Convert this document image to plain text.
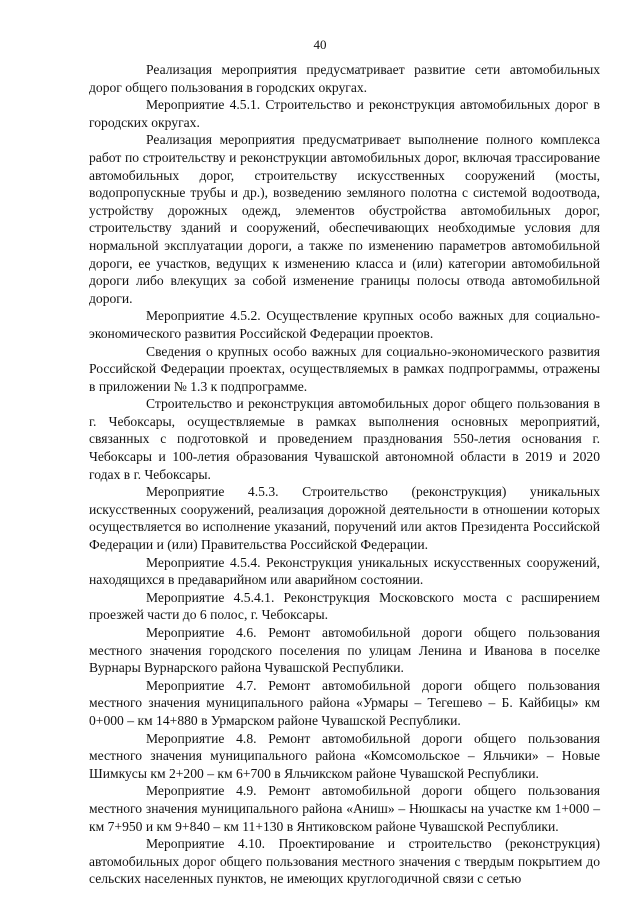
40

Реализация мероприятия предусматривает развитие сети автомобильных дорог общего пользования в городских округах.

Мероприятие 4.5.1. Строительство и реконструкция автомобильных дорог в городских округах.

Реализация мероприятия предусматривает выполнение полного комплекса работ по строительству и реконструкции автомобильных дорог, включая трассирование автомобильных дорог, строительству искусственных сооружений (мосты, водопропускные трубы и др.), возведению земляного полотна с системой водоотвода, устройству дорожных одежд, элементов обустройства автомобильных дорог, строительству зданий и сооружений, обеспечивающих необходимые условия для нормальной эксплуатации дороги, а также по изменению параметров автомобильной дороги, ее участков, ведущих к изменению класса и (или) категории автомобильной дороги либо влекущих за собой изменение границы полосы отвода автомобильной дороги.

Мероприятие 4.5.2. Осуществление крупных особо важных для социально-экономического развития Российской Федерации проектов.

Сведения о крупных особо важных для социально-экономического развития Российской Федерации проектах, осуществляемых в рамках подпрограммы, отражены в приложении № 1.3 к подпрограмме.

Строительство и реконструкция автомобильных дорог общего пользования в г. Чебоксары, осуществляемые в рамках выполнения основных мероприятий, связанных с подготовкой и проведением празднования 550-летия основания г. Чебоксары и 100-летия образования Чувашской автономной области в 2019 и 2020 годах в г. Чебоксары.

Мероприятие 4.5.3. Строительство (реконструкция) уникальных искусственных сооружений, реализация дорожной деятельности в отношении которых осуществляется во исполнение указаний, поручений или актов Президента Российской Федерации и (или) Правительства Российской Федерации.

Мероприятие 4.5.4. Реконструкция уникальных искусственных сооружений, находящихся в предаварийном или аварийном состоянии.

Мероприятие 4.5.4.1. Реконструкция Московского моста с расширением проезжей части до 6 полос, г. Чебоксары.

Мероприятие 4.6. Ремонт автомобильной дороги общего пользования местного значения городского поселения по улицам Ленина и Иванова в поселке Вурнары Вурнарского района Чувашской Республики.

Мероприятие 4.7. Ремонт автомобильной дороги общего пользования местного значения муниципального района «Урмары – Тегешево – Б. Кайбицы» км 0+000 – км 14+880 в Урмарском районе Чувашской Республики.

Мероприятие 4.8. Ремонт автомобильной дороги общего пользования местного значения муниципального района «Комсомольское – Яльчики» – Новые Шимкусы км 2+200 – км 6+700 в Яльчикском районе Чувашской Республики.

Мероприятие 4.9. Ремонт автомобильной дороги общего пользования местного значения муниципального района «Аниш» – Нюшкасы на участке км 1+000 – км 7+950 и км 9+840 – км 11+130 в Янтиковском районе Чувашской Республики.

Мероприятие 4.10. Проектирование и строительство (реконструкция) автомобильных дорог общего пользования местного значения с твердым покрытием до сельских населенных пунктов, не имеющих круглогодичной связи с сетью
